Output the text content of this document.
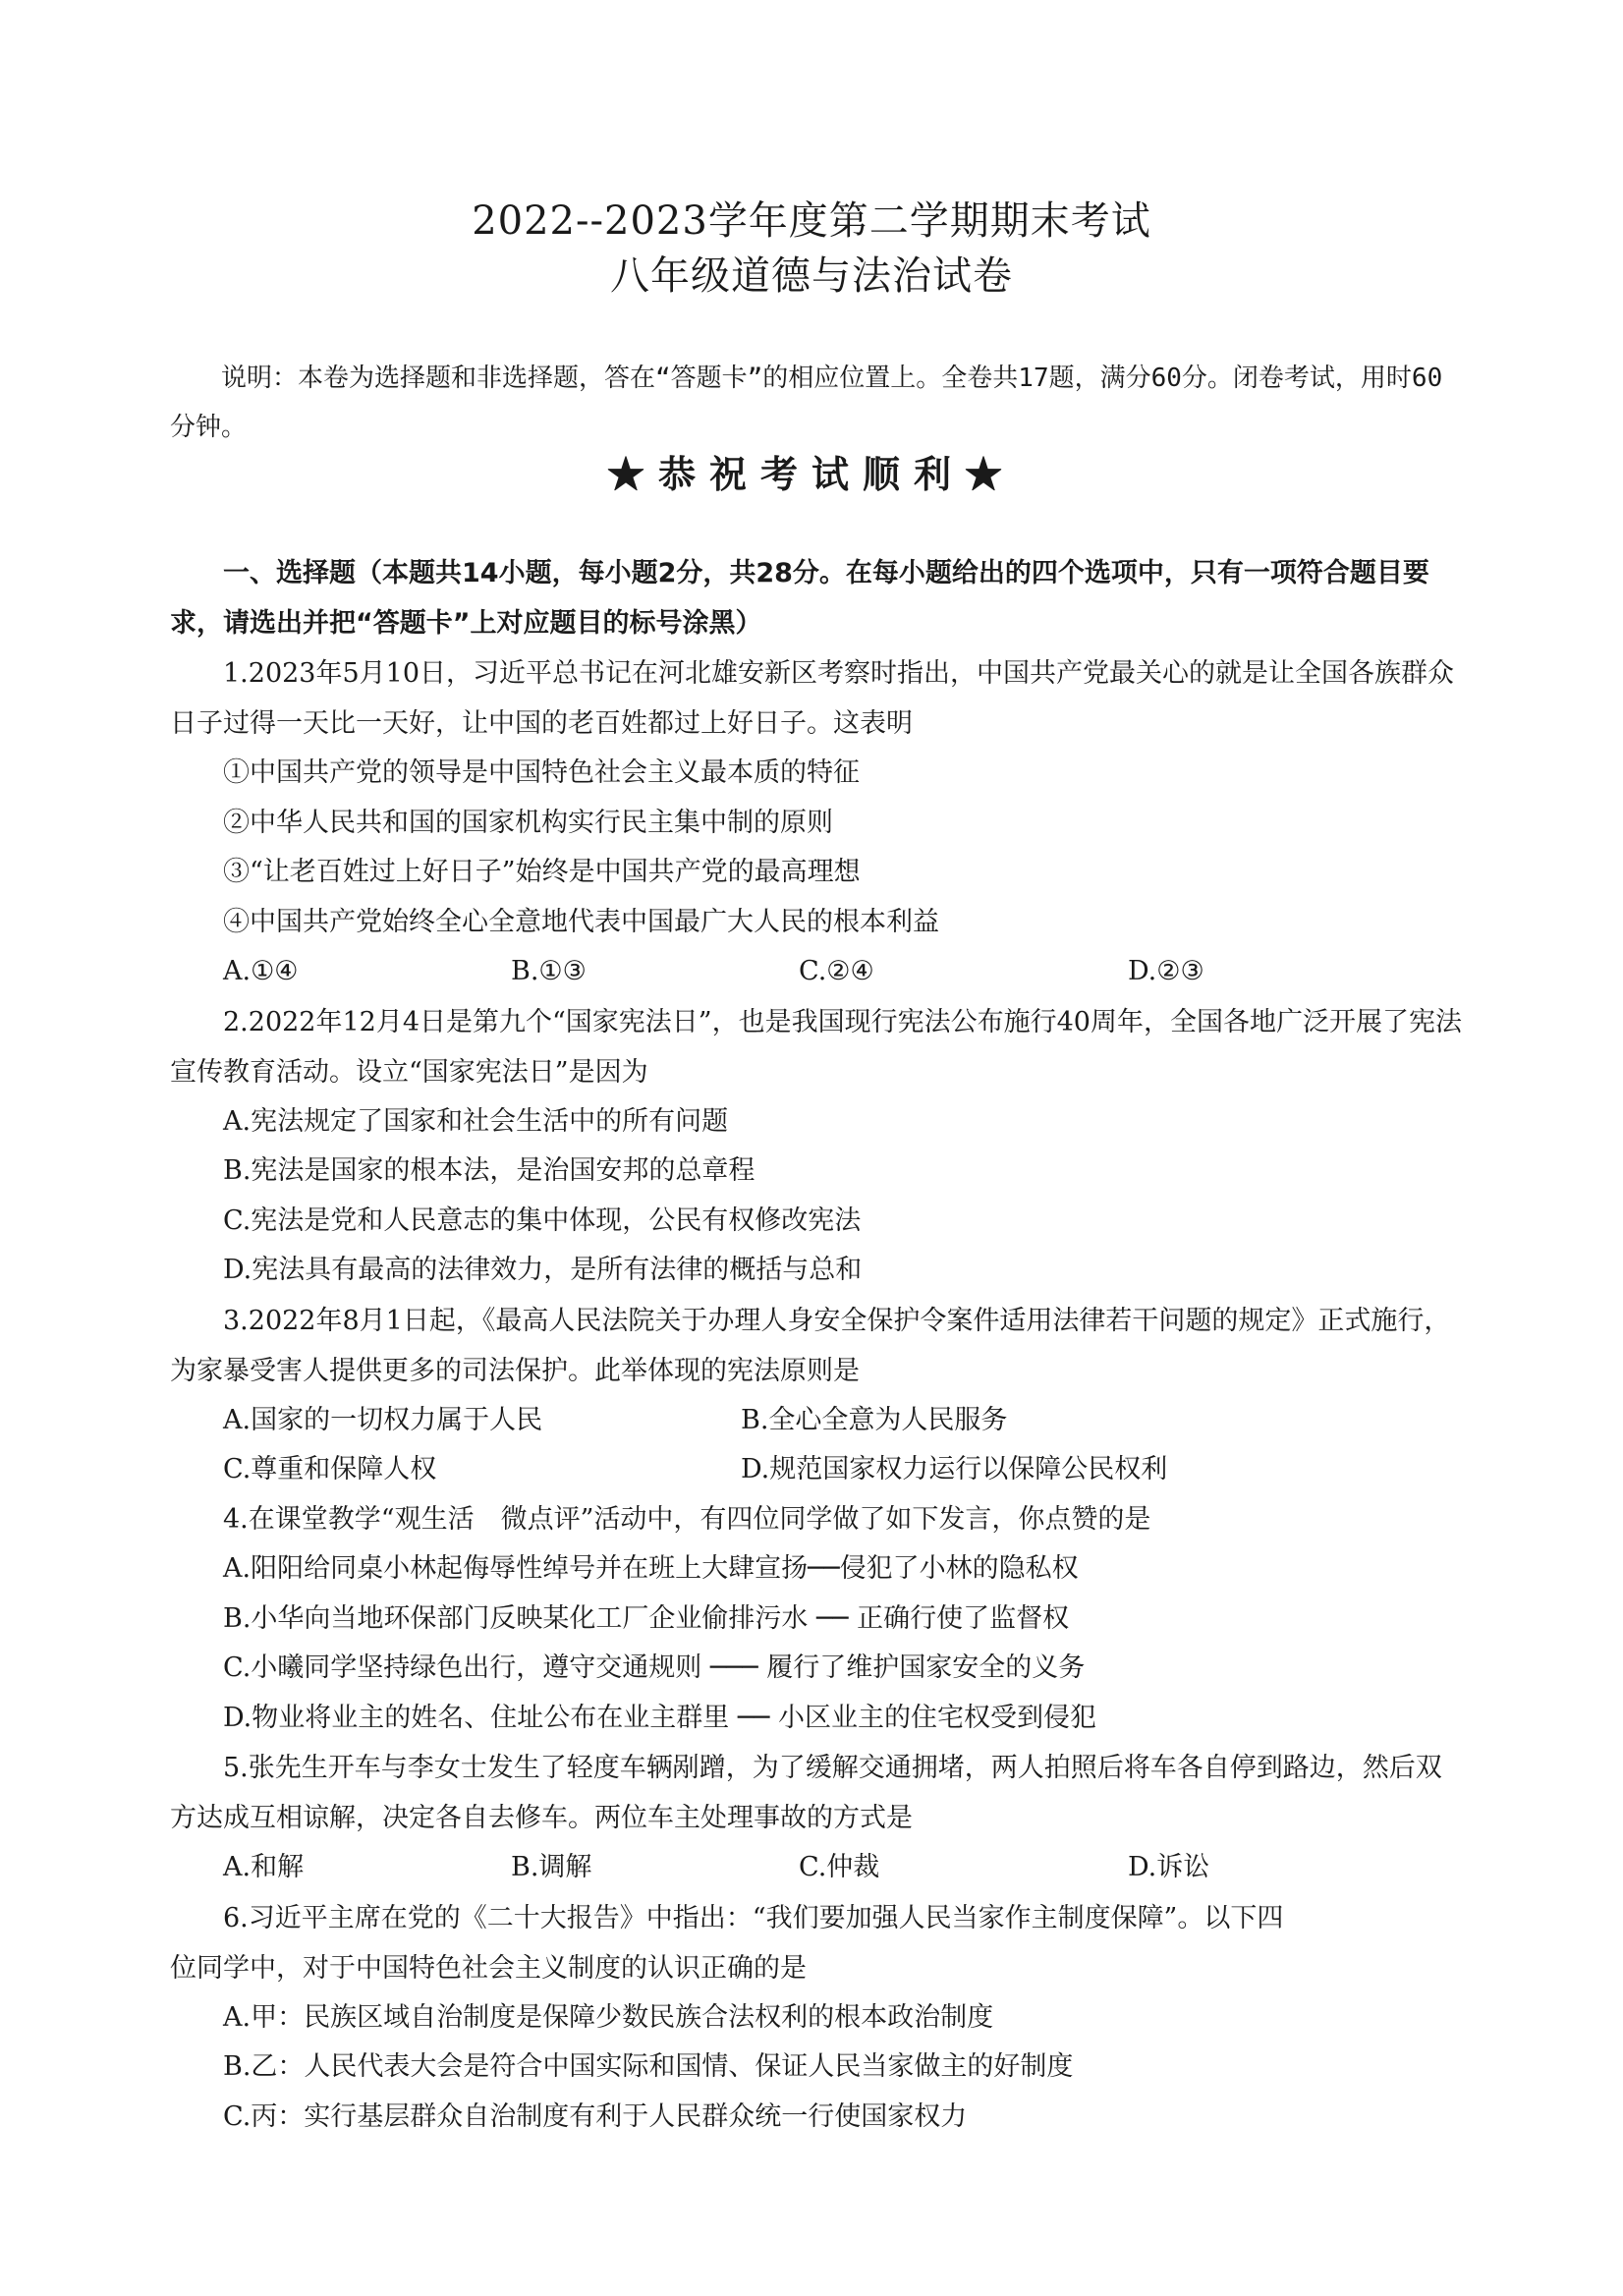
2022--2023学年度第二学期期末考试
八年级道德与法治试卷
说明：本卷为选择题和非选择题，答在“答题卡”的相应位置上。全卷共17题，满分60分。闭卷考试，用时60分钟。
★恭祝考试顺利★

一、选择题（本题共14小题，每小题2分，共28分。在每小题给出的四个选项中，只有一项符合题目要求，请选出并把“答题卡”上对应题目的标号涂黑）

1.2023年5月10日，习近平总书记在河北雄安新区考察时指出，中国共产党最关心的就是让全国各族群众日子过得一天比一天好，让中国的老百姓都过上好日子。这表明

①中国共产党的领导是中国特色社会主义最本质的特征

②中华人民共和国的国家机构实行民主集中制的原则

③“让老百姓过上好日子”始终是中国共产党的最高理想

④中国共产党始终全心全意地代表中国最广大人民的根本利益

A.①④	B.①③	C.②④	D.②③

2.2022年12月4日是第九个“国家宪法日”，也是我国现行宪法公布施行40周年，全国各地广泛开展了宪法宣传教育活动。设立“国家宪法日”是因为

A.宪法规定了国家和社会生活中的所有问题

B.宪法是国家的根本法，是治国安邦的总章程

C.宪法是党和人民意志的集中体现，公民有权修改宪法

D.宪法具有最高的法律效力，是所有法律的概括与总和

3.2022年8月1日起，《最高人民法院关于办理人身安全保护令案件适用法律若干问题的规定》正式施行，为家暴受害人提供更多的司法保护。此举体现的宪法原则是

A.国家的一切权力属于人民	B.全心全意为人民服务
C.尊重和保障人权	D.规范国家权力运行以保障公民权利

4.在课堂教学“观生活　微点评”活动中，有四位同学做了如下发言，你点赞的是

A.阳阳给同桌小林起侮辱性绰号并在班上大肆宣扬──侵犯了小林的隐私权

B.小华向当地环保部门反映某化工厂企业偷排污水 ── 正确行使了监督权

C.小曦同学坚持绿色出行，遵守交通规则 ─── 履行了维护国家安全的义务

D.物业将业主的姓名、住址公布在业主群里 ── 小区业主的住宅权受到侵犯

5.张先生开车与李女士发生了轻度车辆剐蹭，为了缓解交通拥堵，两人拍照后将车各自停到路边，然后双方达成互相谅解，决定各自去修车。两位车主处理事故的方式是

A.和解	B.调解	C.仲裁	D.诉讼
6.习近平主席在党的《二十大报告》中指出：“我们要加强人民当家作主制度保障”。以下四
位同学中，对于中国特色社会主义制度的认识正确的是

A.甲：民族区域自治制度是保障少数民族合法权利的根本政治制度

B.乙：人民代表大会是符合中国实际和国情、保证人民当家做主的好制度

C.丙：实行基层群众自治制度有利于人民群众统一行使国家权力
